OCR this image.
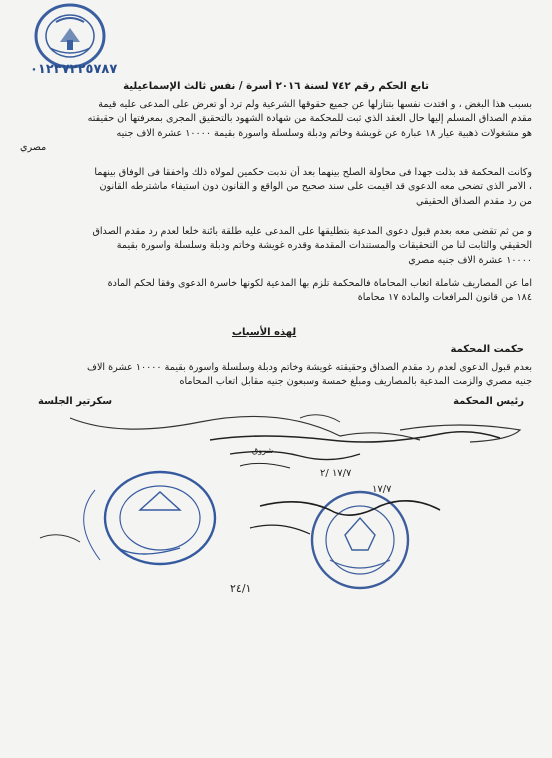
٠١٢٣٧٢٢٥٧٨٧
تابع الحكم رقم ٧٤٢ لسنة ٢٠١٦ أسرة / نفس ثالث الإسماعيلية
بسبب هذا البغض ، و افتدت نفسها بتنازلها عن جميع حقوقها الشرعية ولم ترد أو تعرض على المدعى عليه قيمة
مقدم الصداق المسلم إليها حال العقد الذي ثبت للمحكمة من شهادة الشهود بالتحقيق المجرى بمعرفتها ان حقيقته
هو مشغولات ذهبية عيار ١٨ عبارة عن غويشة وخاتم ودبلة وسلسلة واسورة بقيمة ١٠٠٠٠ عشرة الاف جنيه
مصري
وكانت المحكمة قد بذلت جهدا فى محاولة الصلح بينهما بعد أن ندبت حكمين لمولاه ذلك واخفقا فى الوفاق بينهما
، الامر الذى تضحى معه الدعوى قد اقيمت على سند صحيح من الواقع و القانون دون استيفاء ماشترطه القانون
من رد مقدم الصداق الحقيقي
و من ثم تقضى معه بعدم قبول دعوى المدعية بتطليقها على المدعى عليه طلقة بائنة خلعا لعدم رد مقدم الصداق
الحقيقي والثابت لنا من التحقيقات والمستندات المقدمة وقدره غويشة وخاتم ودبلة وسلسلة واسورة بقيمة
١٠٠٠٠ عشرة الاف جنيه مصري
اما عن المصاريف شاملة اتعاب المحاماة فالمحكمة تلزم بها المدعية لكونها خاسرة الدعوى وفقا لحكم المادة
١٨٤ من قانون المرافعات والمادة ١٧ محاماة
لهذه الأسباب
حكمت المحكمة
بعدم قبول الدعوى لعدم رد مقدم الصداق وحقيقته غويشة وخاتم ودبلة وسلسلة واسورة بقيمة ١٠٠٠٠ عشرة الاف
جنيه مصري والزمت المدعية بالمصاريف ومبلغ خمسة وسبعون جنيه مقابل اتعاب المحاماه
سكرتير الجلسة	رئيس المحكمة
١٧/٧ /٢
١٧/٧
٢٤/١
شروق
